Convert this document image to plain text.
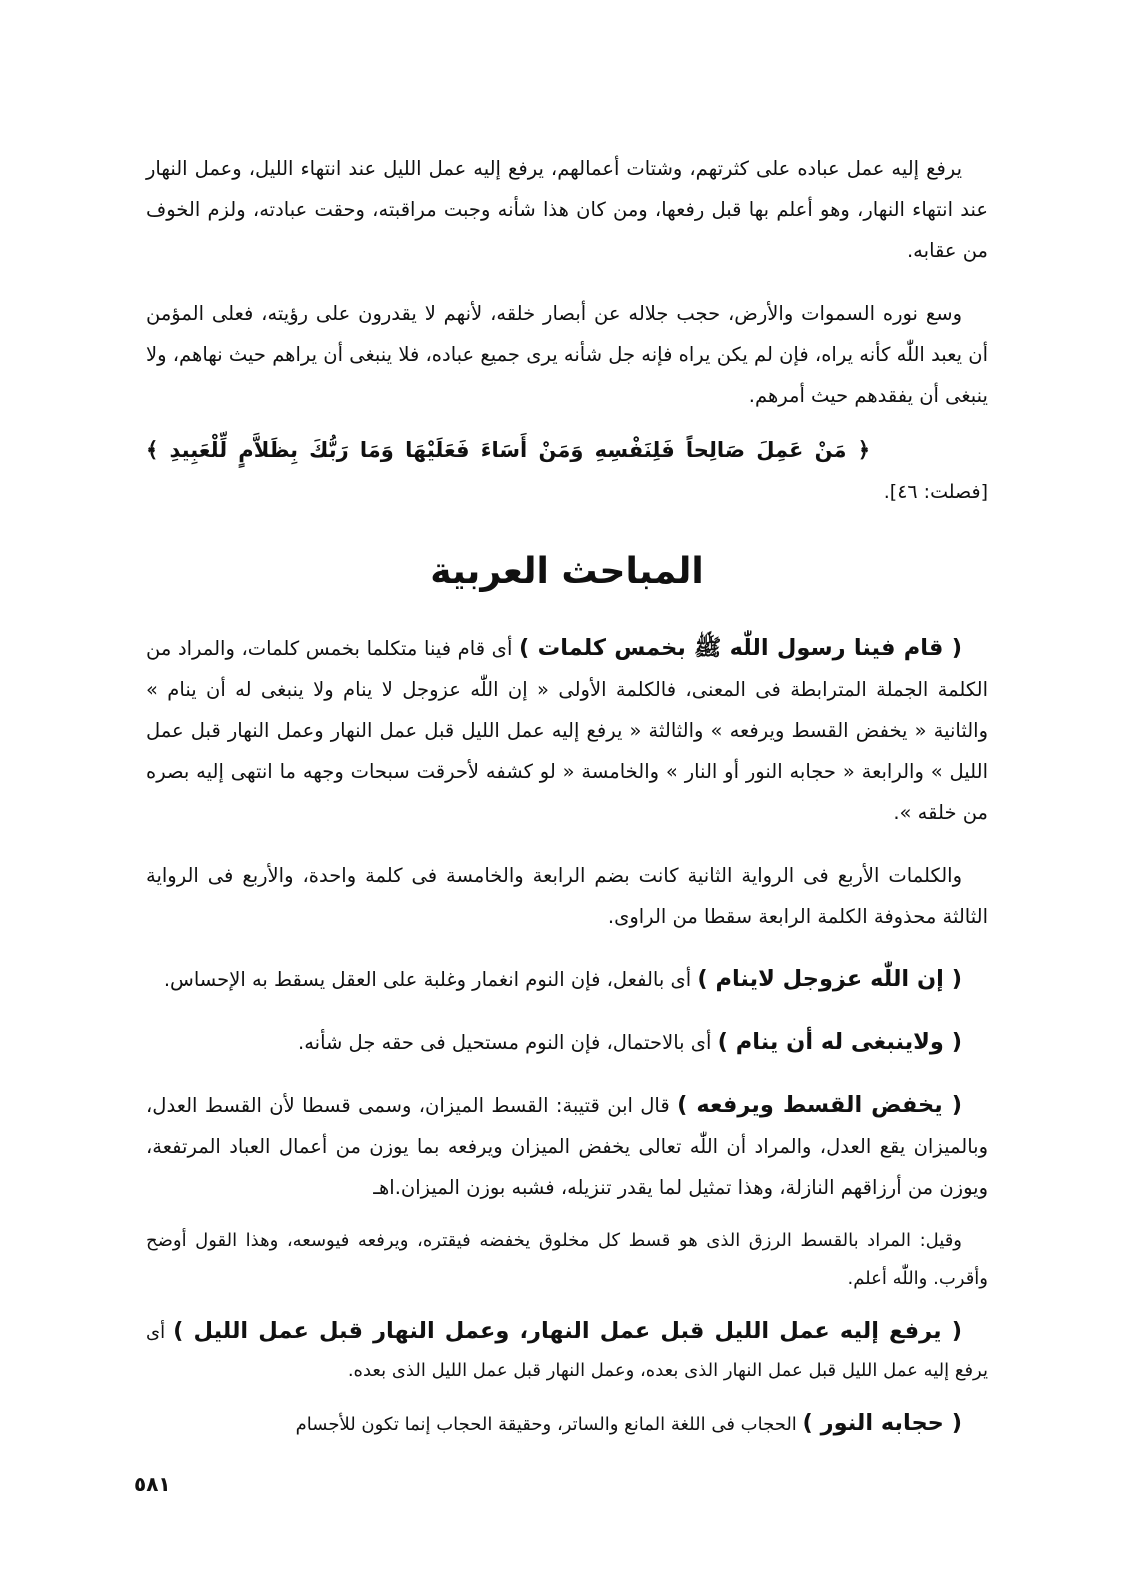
يرفع إليه عمل عباده على كثرتهم، وشتات أعمالهم، يرفع إليه عمل الليل عند انتهاء الليل، وعمل النهار عند انتهاء النهار، وهو أعلم بها قبل رفعها، ومن كان هذا شأنه وجبت مراقبته، وحقت عبادته، ولزم الخوف من عقابه.

وسع نوره السموات والأرض، حجب جلاله عن أبصار خلقه، لأنهم لا يقدرون على رؤيته، فعلى المؤمن أن يعبد اللّٰه كأنه يراه، فإن لم يكن يراه فإنه جل شأنه يرى جميع عباده، فلا ينبغى أن يراهم حيث نهاهم، ولا ينبغى أن يفقدهم حيث أمرهم.

﴿ مَنْ عَمِلَ صَالِحاً فَلِنَفْسِهِ وَمَنْ أَسَاءَ فَعَلَيْهَا وَمَا رَبُّكَ بِظَلاَّمٍ لِّلْعَبِيدِ ﴾ [فصلت: ٤٦].

المباحث العربية

( قام فينا رسول اللّٰه ﷺ بخمس كلمات ) أى قام فينا متكلما بخمس كلمات، والمراد من الكلمة الجملة المترابطة فى المعنى، فالكلمة الأولى « إن اللّٰه عزوجل لا ينام ولا ينبغى له أن ينام » والثانية « يخفض القسط ويرفعه » والثالثة « يرفع إليه عمل الليل قبل عمل النهار وعمل النهار قبل عمل الليل » والرابعة « حجابه النور أو النار » والخامسة « لو كشفه لأحرقت سبحات وجهه ما انتهى إليه بصره من خلقه ».

والكلمات الأربع فى الرواية الثانية كانت بضم الرابعة والخامسة فى كلمة واحدة، والأربع فى الرواية الثالثة محذوفة الكلمة الرابعة سقطا من الراوى.

( إن اللّٰه عزوجل لاينام ) أى بالفعل، فإن النوم انغمار وغلبة على العقل يسقط به الإحساس.

( ولاينبغى له أن ينام ) أى بالاحتمال، فإن النوم مستحيل فى حقه جل شأنه.

( يخفض القسط ويرفعه ) قال ابن قتيبة: القسط الميزان، وسمى قسطا لأن القسط العدل، وبالميزان يقع العدل، والمراد أن اللّٰه تعالى يخفض الميزان ويرفعه بما يوزن من أعمال العباد المرتفعة، ويوزن من أرزاقهم النازلة، وهذا تمثيل لما يقدر تنزيله، فشبه بوزن الميزان.اهـ

وقيل: المراد بالقسط الرزق الذى هو قسط كل مخلوق يخفضه فيقتره، ويرفعه فيوسعه، وهذا القول أوضح وأقرب. واللّٰه أعلم.

( يرفع إليه عمل الليل قبل عمل النهار، وعمل النهار قبل عمل الليل ) أى يرفع إليه عمل الليل قبل عمل النهار الذى بعده، وعمل النهار قبل عمل الليل الذى بعده.

( حجابه النور ) الحجاب فى اللغة المانع والساتر، وحقيقة الحجاب إنما تكون للأجسام

٥٨١
